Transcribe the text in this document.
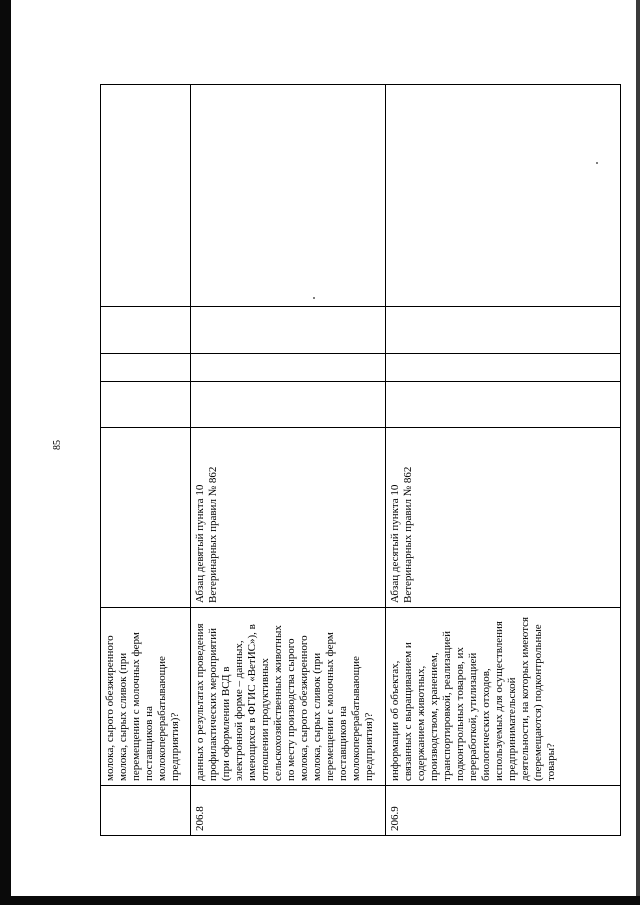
85
	молока, сырого обезжиренного молока, сырых сливок (при перемещении с молочных ферм поставщиков на молокоперерабатывающие предприятия)?					
206.8	данных о результатах проведения профилактических мероприятий (при оформлении ВСД в электронной форме – данных, имеющихся в ФГИС «ВетИС»), в отношении продуктивных сельскохозяйственных животных по месту производства сырого молока, сырого обезжиренного молока, сырых сливок (при перемещении с молочных ферм поставщиков на молокоперерабатывающие предприятия)?	Абзац девятый пункта 10 Ветеринарных правил № 862				
206.9	информации об объектах, связанных с выращиванием и содержанием животных, производством, хранением, транспортировкой, реализацией подконтрольных товаров, их переработкой, утилизацией биологических отходов, используемых для осуществления предпринимательской деятельности, на которых имеются (перемещаются) подконтрольные товары?	Абзац десятый пункта 10 Ветеринарных правил № 862				
